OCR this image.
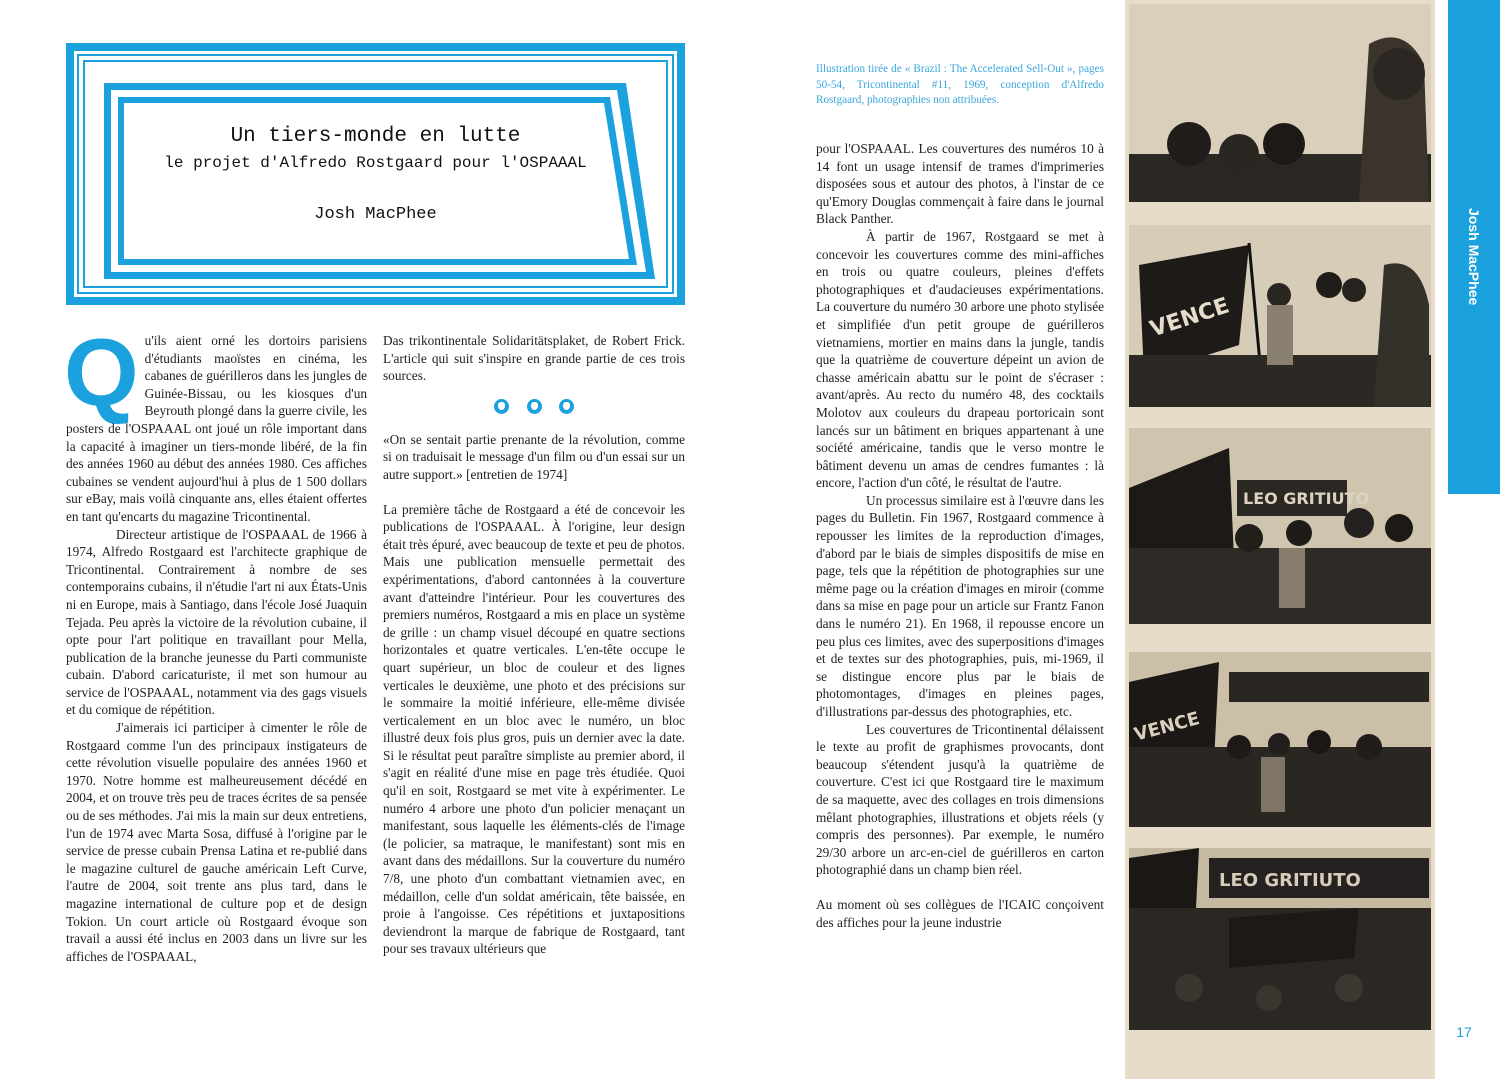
Un tiers-monde en lutte
le projet d'Alfredo Rostgaard pour l'OSPAAAL
Josh MacPhee

Qu'ils aient orné les dortoirs parisiens d'étudiants maoïstes en cinéma, les cabanes de guérilleros dans les jungles de Guinée-Bissau, ou les kiosques d'un Beyrouth plongé dans la guerre civile, les posters de l'OSPAAAL ont joué un rôle important dans la capacité à imaginer un tiers-monde libéré, de la fin des années 1960 au début des années 1980. Ces affiches cubaines se vendent aujourd'hui à plus de 1 500 dollars sur eBay, mais voilà cinquante ans, elles étaient offertes en tant qu'encarts du magazine Tricontinental.

Directeur artistique de l'OSPAAAL de 1966 à 1974, Alfredo Rostgaard est l'architecte graphique de Tricontinental. Contrairement à nombre de ses contemporains cubains, il n'étudie l'art ni aux États-Unis ni en Europe, mais à Santiago, dans l'école José Juaquin Tejada. Peu après la victoire de la révolution cubaine, il opte pour l'art politique en travaillant pour Mella, publication de la branche jeunesse du Parti communiste cubain. D'abord caricaturiste, il met son humour au service de l'OSPAAAL, notamment via des gags visuels et du comique de répétition.

J'aimerais ici participer à cimenter le rôle de Rostgaard comme l'un des principaux instigateurs de cette révolution visuelle populaire des années 1960 et 1970. Notre homme est malheureusement décédé en 2004, et on trouve très peu de traces écrites de sa pensée ou de ses méthodes. J'ai mis la main sur deux entretiens, l'un de 1974 avec Marta Sosa, diffusé à l'origine par le service de presse cubain Prensa Latina et re-publié dans le magazine culturel de gauche américain Left Curve, l'autre de 2004, soit trente ans plus tard, dans le magazine international de culture pop et de design Tokion. Un court article où Rostgaard évoque son travail a aussi été inclus en 2003 dans un livre sur les affiches de l'OSPAAAL,

Das trikontinentale Solidaritätsplaket, de Robert Frick. L'article qui suit s'inspire en grande partie de ces trois sources.

«On se sentait partie prenante de la révolution, comme si on traduisait le message d'un film ou d'un essai sur un autre support.» [entretien de 1974]

La première tâche de Rostgaard a été de concevoir les publications de l'OSPAAAL. À l'origine, leur design était très épuré, avec beaucoup de texte et peu de photos. Mais une publication mensuelle permettait des expérimentations, d'abord cantonnées à la couverture avant d'atteindre l'intérieur. Pour les couvertures des premiers numéros, Rostgaard a mis en place un système de grille : un champ visuel découpé en quatre sections horizontales et quatre verticales. L'en-tête occupe le quart supérieur, un bloc de couleur et des lignes verticales le deuxième, une photo et des précisions sur le sommaire la moitié inférieure, elle-même divisée verticalement en un bloc avec le numéro, un bloc illustré deux fois plus gros, puis un dernier avec la date. Si le résultat peut paraître simpliste au premier abord, il s'agit en réalité d'une mise en page très étudiée. Quoi qu'il en soit, Rostgaard se met vite à expérimenter. Le numéro 4 arbore une photo d'un policier menaçant un manifestant, sous laquelle les éléments-clés de l'image (le policier, sa matraque, le manifestant) sont mis en avant dans des médaillons. Sur la couverture du numéro 7/8, une photo d'un combattant vietnamien avec, en médaillon, celle d'un soldat américain, tête baissée, en proie à l'angoisse. Ces répétitions et juxtapositions deviendront la marque de fabrique de Rostgaard, tant pour ses travaux ultérieurs que

Illustration tirée de « Brazil : The Accelerated Sell-Out », pages 50-54, Tricontinental #11, 1969, conception d'Alfredo Rostgaard, photographies non attribuées.

pour l'OSPAAAL. Les couvertures des numéros 10 à 14 font un usage intensif de trames d'imprimeries disposées sous et autour des photos, à l'instar de ce qu'Emory Douglas commençait à faire dans le journal Black Panther.

À partir de 1967, Rostgaard se met à concevoir les couvertures comme des mini-affiches en trois ou quatre couleurs, pleines d'effets photographiques et d'audacieuses expérimentations. La couverture du numéro 30 arbore une photo stylisée et simplifiée d'un petit groupe de guérilleros vietnamiens, mortier en mains dans la jungle, tandis que la quatrième de couverture dépeint un avion de chasse américain abattu sur le point de s'écraser : avant/après. Au recto du numéro 48, des cocktails Molotov aux couleurs du drapeau portoricain sont lancés sur un bâtiment en briques appartenant à une société américaine, tandis que le verso montre le bâtiment devenu un amas de cendres fumantes : là encore, l'action d'un côté, le résultat de l'autre.

Un processus similaire est à l'œuvre dans les pages du Bulletin. Fin 1967, Rostgaard commence à repousser les limites de la reproduction d'images, d'abord par le biais de simples dispositifs de mise en page, tels que la répétition de photographies sur une même page ou la création d'images en miroir (comme dans sa mise en page pour un article sur Frantz Fanon dans le numéro 21). En 1968, il repousse encore un peu plus ces limites, avec des superpositions d'images et de textes sur des photographies, puis, mi-1969, il se distingue encore plus par le biais de photomontages, d'images en pleines pages, d'illustrations par-dessus des photographies, etc.

Les couvertures de Tricontinental délaissent le texte au profit de graphismes provocants, dont beaucoup s'étendent jusqu'à la quatrième de couverture. C'est ici que Rostgaard tire le maximum de sa maquette, avec des collages en trois dimensions mêlant photographies, illustrations et objets réels (y compris des personnes). Par exemple, le numéro 29/30 arbore un arc-en-ciel de guérilleros en carton photographié dans un champ bien réel.

Au moment où ses collègues de l'ICAIC conçoivent des affiches pour la jeune industrie

VENCE
LEO GRITIUTO
VENCE
LEO GRITIUTO
Josh MacPhee
17
